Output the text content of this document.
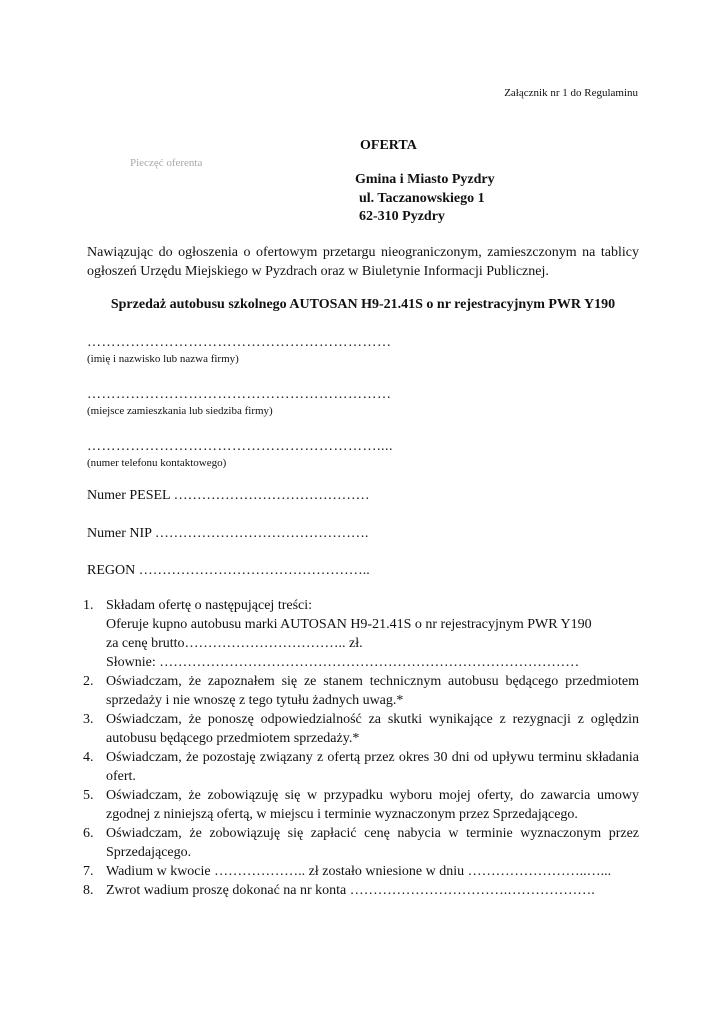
Załącznik nr 1 do Regulaminu
OFERTA
Pieczęć oferenta
Gmina i Miasto Pyzdry
ul. Taczanowskiego 1
62-310 Pyzdry
Nawiązując do ogłoszenia o ofertowym przetargu nieograniczonym, zamieszczonym na tablicy ogłoszeń Urzędu Miejskiego w Pyzdrach oraz w Biuletynie Informacji Publicznej.
Sprzedaż autobusu szkolnego AUTOSAN H9-21.41S o nr rejestracyjnym PWR Y190
………………………………………………………
(imię i nazwisko lub nazwa firmy)
………………………………………………………
(miejsce zamieszkania lub siedziba firmy)
……………………………………………………....
(numer telefonu kontaktowego)
Numer PESEL ……………………………………
Numer NIP ……………………………………….
REGON …………………………………………..
1. Składam ofertę o następującej treści:
Oferuje kupno autobusu marki AUTOSAN H9-21.41S o nr rejestracyjnym PWR Y190
za cenę brutto…………………………….. zł.
Słownie: ………………………………………………………………………………
2. Oświadczam, że zapoznałem się ze stanem technicznym autobusu będącego przedmiotem sprzedaży i nie wnoszę z tego tytułu żadnych uwag.*
3. Oświadczam, że ponoszę odpowiedzialność za skutki wynikające z rezygnacji z oględzin autobusu będącego przedmiotem sprzedaży.*
4. Oświadczam, że pozostaję związany z ofertą przez okres 30 dni od upływu terminu składania ofert.
5. Oświadczam, że zobowiązuję się w przypadku wyboru mojej oferty, do zawarcia umowy zgodnej z niniejszą ofertą, w miejscu i terminie wyznaczonym przez Sprzedającego.
6. Oświadczam, że zobowiązuję się zapłacić cenę nabycia w terminie wyznaczonym przez Sprzedającego.
7. Wadium w kwocie ……………….. zł zostało wniesione w dniu ……………………..…...
8. Zwrot wadium proszę dokonać na nr konta …………………………….……………….
